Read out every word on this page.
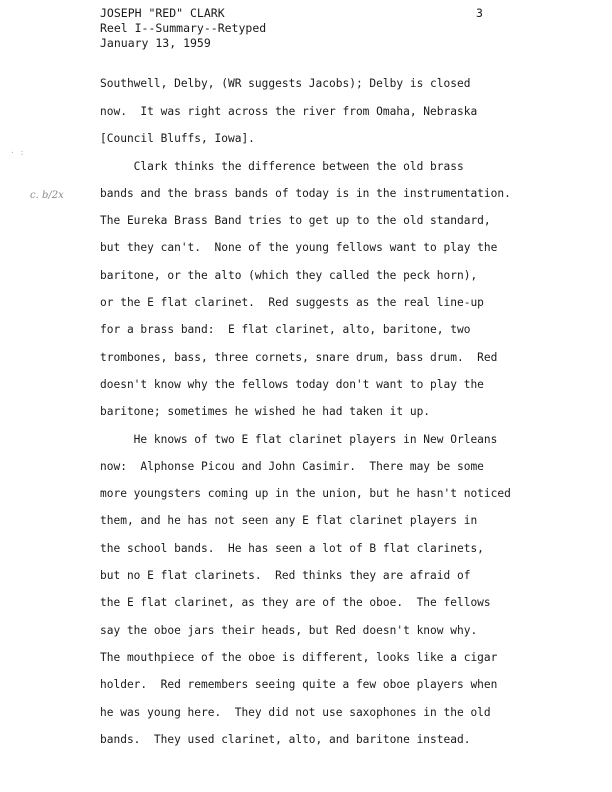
JOSEPH "RED" CLARK
Reel I--Summary--Retyped
January 13, 1959
3
c. b/2x
· :
Southwell, Delby, (WR suggests Jacobs); Delby is closed
now.  It was right across the river from Omaha, Nebraska
[Council Bluffs, Iowa].
Clark thinks the difference between the old brass
bands and the brass bands of today is in the instrumentation.
The Eureka Brass Band tries to get up to the old standard,
but they can't.  None of the young fellows want to play the
baritone, or the alto (which they called the peck horn),
or the E flat clarinet.  Red suggests as the real line-up
for a brass band:  E flat clarinet, alto, baritone, two
trombones, bass, three cornets, snare drum, bass drum.  Red
doesn't know why the fellows today don't want to play the
baritone; sometimes he wished he had taken it up.
He knows of two E flat clarinet players in New Orleans
now:  Alphonse Picou and John Casimir.  There may be some
more youngsters coming up in the union, but he hasn't noticed
them, and he has not seen any E flat clarinet players in
the school bands.  He has seen a lot of B flat clarinets,
but no E flat clarinets.  Red thinks they are afraid of
the E flat clarinet, as they are of the oboe.  The fellows
say the oboe jars their heads, but Red doesn't know why.
The mouthpiece of the oboe is different, looks like a cigar
holder.  Red remembers seeing quite a few oboe players when
he was young here.  They did not use saxophones in the old
bands.  They used clarinet, alto, and baritone instead.
